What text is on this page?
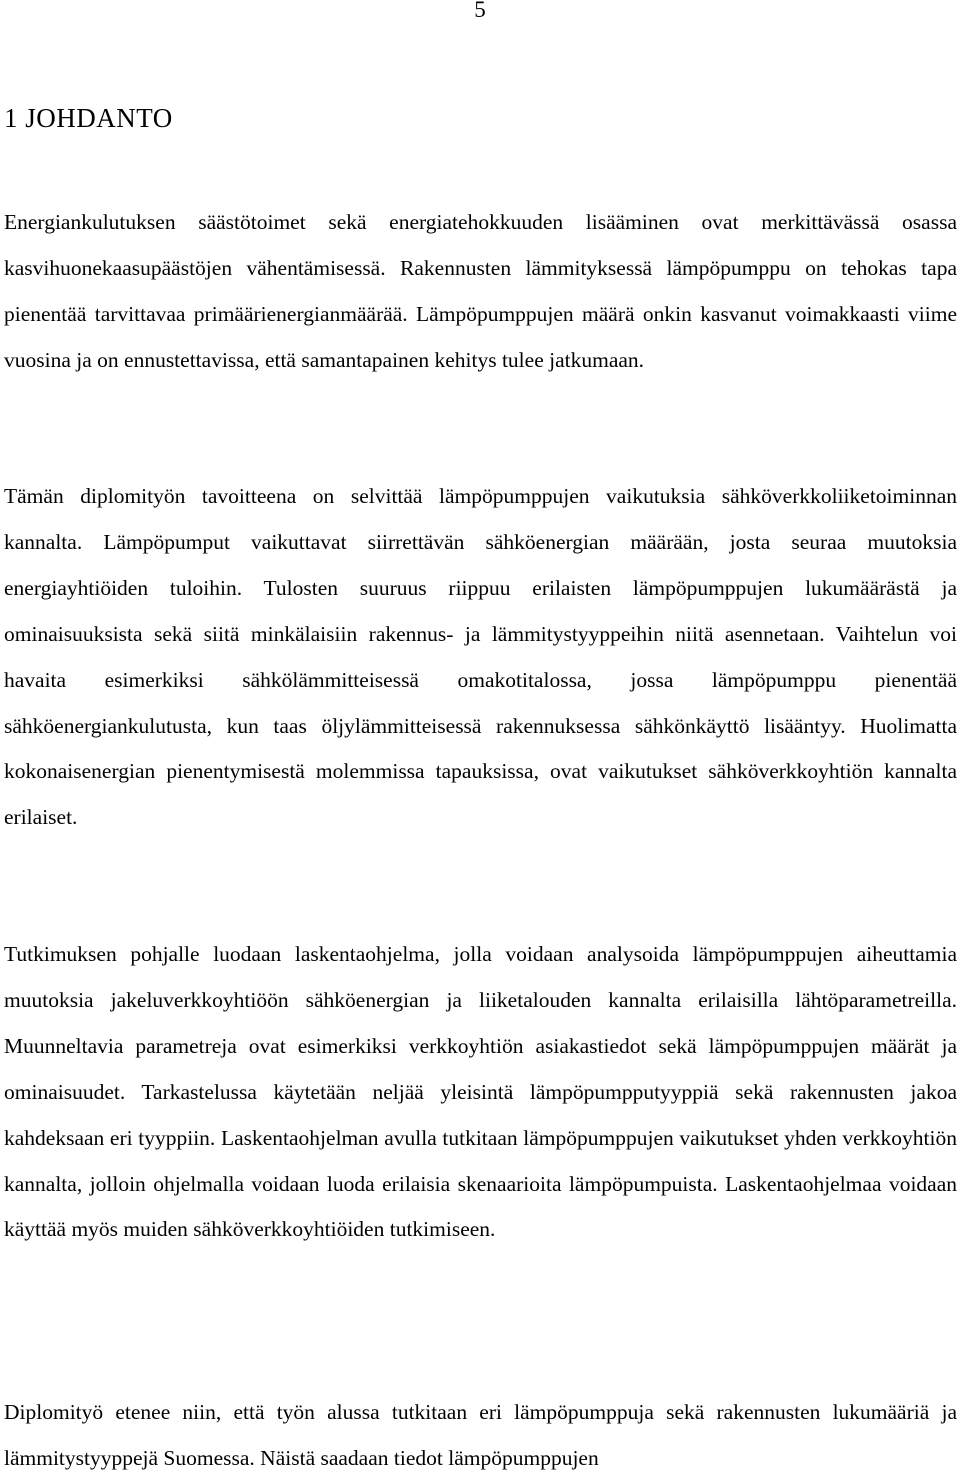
5
1 JOHDANTO

Energiankulutuksen säästötoimet sekä energiatehokkuuden lisääminen ovat merkittävässä osassa kasvihuonekaasupäästöjen vähentämisessä. Rakennusten lämmityksessä lämpöpumppu on tehokas tapa pienentää tarvittavaa primäärienergianmäärää. Lämpöpumppujen määrä onkin kasvanut voimakkaasti viime vuosina ja on ennustettavissa, että samantapainen kehitys tulee jatkumaan.

Tämän diplomityön tavoitteena on selvittää lämpöpumppujen vaikutuksia sähköverkkoliiketoiminnan kannalta. Lämpöpumput vaikuttavat siirrettävän sähköenergian määrään, josta seuraa muutoksia energiayhtiöiden tuloihin. Tulosten suuruus riippuu erilaisten lämpöpumppujen lukumäärästä ja ominaisuuksista sekä siitä minkälaisiin rakennus- ja lämmitystyyppeihin niitä asennetaan. Vaihtelun voi havaita esimerkiksi sähkölämmitteisessä omakotitalossa, jossa lämpöpumppu pienentää sähköenergiankulutusta, kun taas öljylämmitteisessä rakennuksessa sähkönkäyttö lisääntyy. Huolimatta kokonaisenergian pienentymisestä molemmissa tapauksissa, ovat vaikutukset sähköverkkoyhtiön kannalta erilaiset.

Tutkimuksen pohjalle luodaan laskentaohjelma, jolla voidaan analysoida lämpöpumppujen aiheuttamia muutoksia jakeluverkkoyhtiöön sähköenergian ja liiketalouden kannalta erilaisilla lähtöparametreilla. Muunneltavia parametreja ovat esimerkiksi verkkoyhtiön asiakastiedot sekä lämpöpumppujen määrät ja ominaisuudet. Tarkastelussa käytetään neljää yleisintä lämpöpumpputyyppiä sekä rakennusten jakoa kahdeksaan eri tyyppiin. Laskentaohjelman avulla tutkitaan lämpöpumppujen vaikutukset yhden verkkoyhtiön kannalta, jolloin ohjelmalla voidaan luoda erilaisia skenaarioita lämpöpumpuista. Laskentaohjelmaa voidaan käyttää myös muiden sähköverkkoyhtiöiden tutkimiseen.

Diplomityö etenee niin, että työn alussa tutkitaan eri lämpöpumppuja sekä rakennusten lukumääriä ja lämmitystyyppejä Suomessa. Näistä saadaan tiedot lämpöpumppujen
